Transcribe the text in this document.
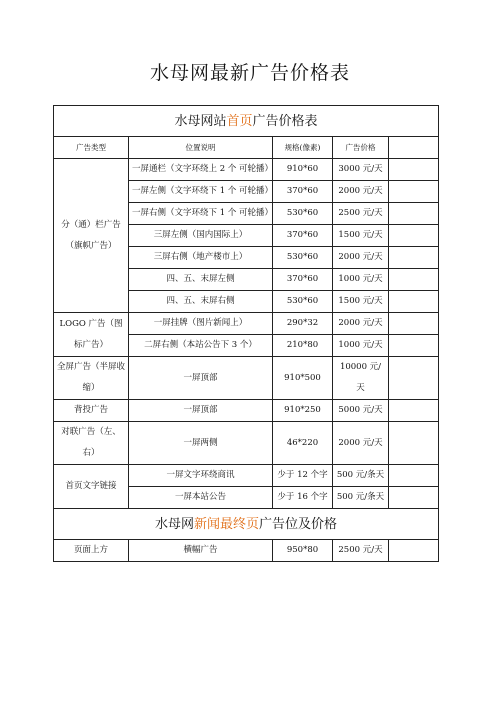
水母网最新广告价格表
水母网站首页广告价格表				
广告类型	位置说明	规格(像素)	广告价格	
分（通）栏广告（旗帜广告）	一屏通栏（文字环绕上 2 个 可轮播）	910*60	3000 元/天	
	一屏左侧（文字环绕下 1 个 可轮播）	370*60	2000 元/天	
	一屏右侧（文字环绕下 1 个 可轮播）	530*60	2500 元/天	
	三屏左侧（国内国际上）	370*60	1500 元/天	
	三屏右侧（地产楼市上）	530*60	2000 元/天	
	四、五、末屏左侧	370*60	1000 元/天	
	四、五、末屏右侧	530*60	1500 元/天	
LOGO 广告（图标广告）	一屏挂牌（图片新闻上）	290*32	2000 元/天	
	二屏右侧（本站公告下 3 个）	210*80	1000 元/天	
全屏广告（半屏收缩）	一屏顶部	910*500	10000 元/天	
背投广告	一屏顶部	910*250	5000 元/天	
对联广告（左、右）	一屏两侧	46*220	2000 元/天	
首页文字链接	一屏文字环绕商讯	少于 12 个字	500 元/条天	
	一屏本站公告	少于 16 个字	500 元/条天	
水母网新闻最终页广告位及价格				
页面上方	横幅广告	950*80	2500 元/天	
